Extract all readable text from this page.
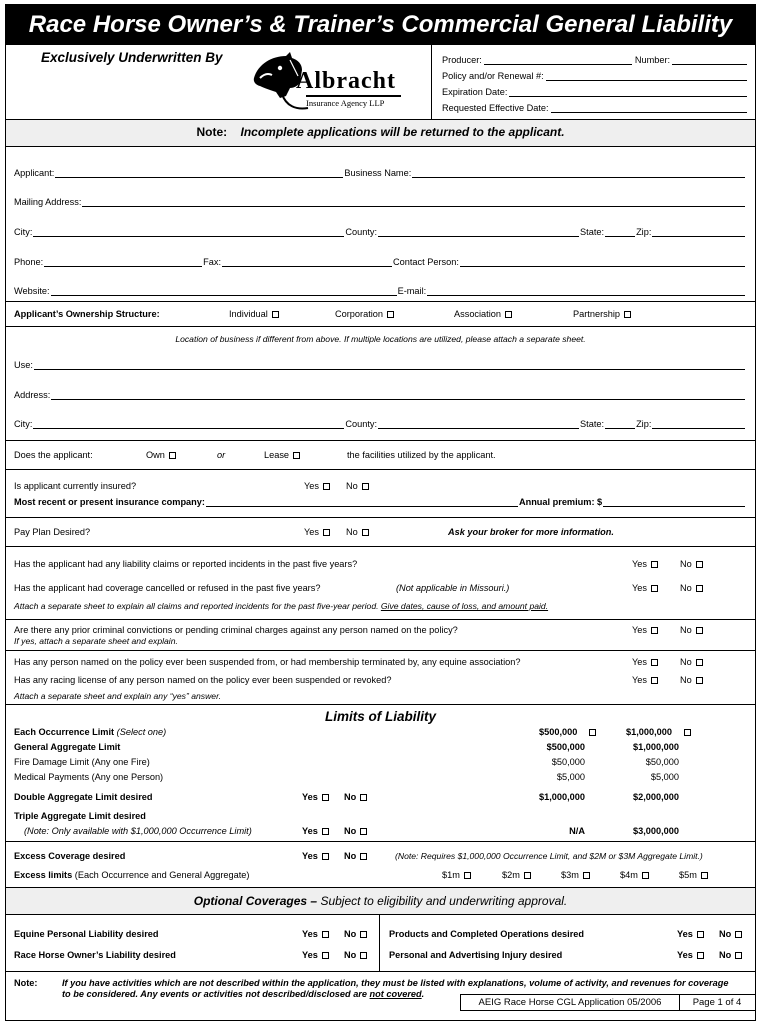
Race Horse Owner’s & Trainer’s Commercial General Liability
Exclusively Underwritten By
Albracht
Insurance Agency LLP
Producer:	Number:
Policy and/or Renewal #:
Expiration Date:
Requested Effective Date:
Note: Incomplete applications will be returned to the applicant.
Applicant:	Business Name:
Mailing Address:
City:	County:	State:	Zip:
Phone:	Fax:	Contact Person:
Website:	E-mail:
Applicant’s Ownership Structure:	Individual	Corporation	Association	Partnership
Location of business if different from above. If multiple locations are utilized, please attach a separate sheet.
Use:
Address:
City:	County:	State:	Zip:
Does the applicant:	Own	or	Lease	the facilities utilized by the applicant.
Is applicant currently insured?	Yes	No
Most recent or present insurance company:	Annual premium: $
Pay Plan Desired?	Yes	No	Ask your broker for more information.
Has the applicant had any liability claims or reported incidents in the past five years?	Yes	No
Has the applicant had coverage cancelled or refused in the past five years?	(Not applicable in Missouri.)	Yes	No
Attach a separate sheet to explain all claims and reported incidents for the past five-year period. Give dates, cause of loss, and amount paid.
Are there any prior criminal convictions or pending criminal charges against any person named on the policy?
If yes, attach a separate sheet and explain.
Yes	No
Has any person named on the policy ever been suspended from, or had membership terminated by, any equine association?	Yes	No
Has any racing license of any person named on the policy ever been suspended or revoked?	Yes	No
Attach a separate sheet and explain any “yes” answer.
Limits of Liability
Each Occurrence Limit (Select one)	$500,000	$1,000,000
General Aggregate Limit	$500,000	$1,000,000
Fire Damage Limit (Any one Fire)	$50,000	$50,000
Medical Payments (Any one Person)	$5,000	$5,000
Double Aggregate Limit desired	Yes	No	$1,000,000	$2,000,000
Triple Aggregate Limit desired
(Note: Only available with $1,000,000 Occurrence Limit)	Yes	No	N/A	$3,000,000
Excess Coverage desired	Yes	No	(Note: Requires $1,000,000 Occurrence Limit, and $2M or $3M Aggregate Limit.)
Excess limits (Each Occurrence and General Aggregate)	$1m	$2m	$3m	$4m	$5m
Optional Coverages – Subject to eligibility and underwriting approval.
Equine Personal Liability desired	Yes	No
Race Horse Owner’s Liability desired	Yes	No
Products and Completed Operations desired	Yes	No
Personal and Advertising Injury desired	Yes	No
Note:	If you have activities which are not described within the application, they must be listed with explanations, volume of activity, and revenues for coverage to be considered. Any events or activities not described/disclosed are not covered.
AEIG Race Horse CGL Application 05/2006	Page 1 of 4
